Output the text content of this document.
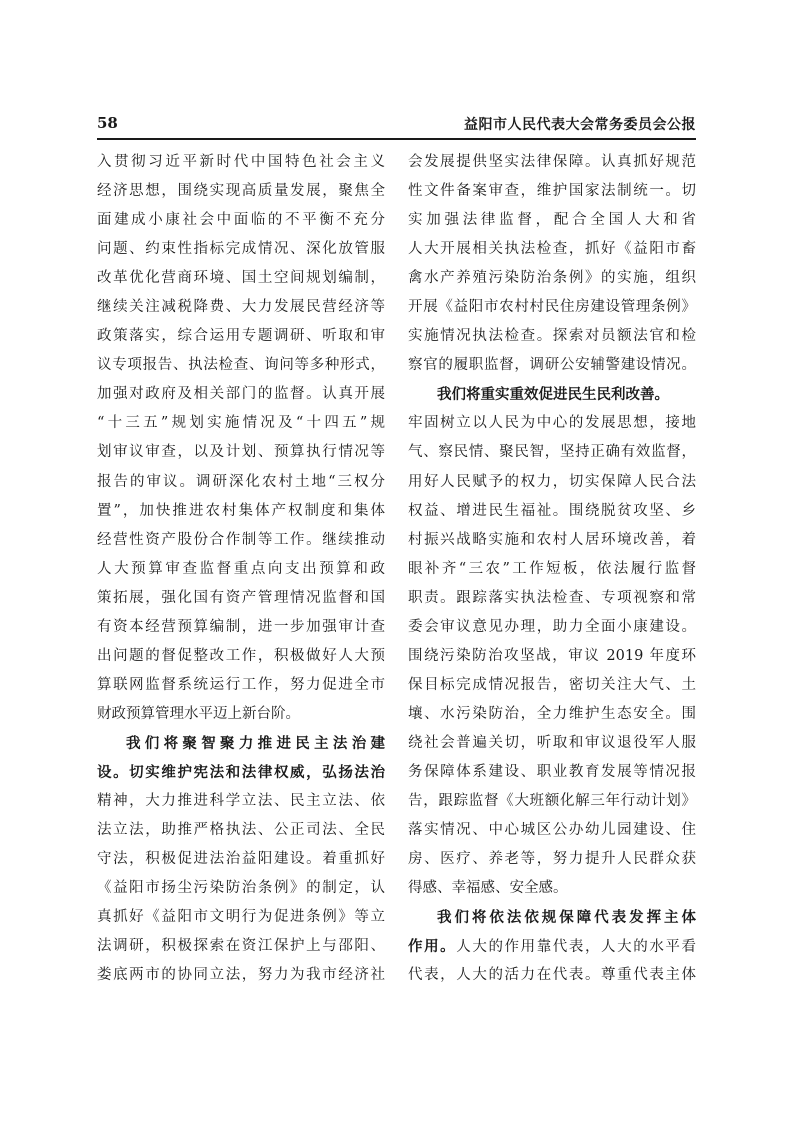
58	益阳市人民代表大会常务委员会公报
入贯彻习近平新时代中国特色社会主义
经济思想，围绕实现高质量发展，聚焦全
面建成小康社会中面临的不平衡不充分
问题、约束性指标完成情况、深化放管服
改革优化营商环境、国土空间规划编制，
继续关注减税降费、大力发展民营经济等
政策落实，综合运用专题调研、听取和审
议专项报告、执法检查、询问等多种形式，
加强对政府及相关部门的监督。认真开展
“十三五”规划实施情况及“十四五”规
划审议审查，以及计划、预算执行情况等
报告的审议。调研深化农村土地“三权分
置”，加快推进农村集体产权制度和集体
经营性资产股份合作制等工作。继续推动
人大预算审查监督重点向支出预算和政
策拓展，强化国有资产管理情况监督和国
有资本经营预算编制，进一步加强审计查
出问题的督促整改工作，积极做好人大预
算联网监督系统运行工作，努力促进全市
财政预算管理水平迈上新台阶。
我们将聚智聚力推进民主法治建
设。切实维护宪法和法律权威，弘扬法治
精神，大力推进科学立法、民主立法、依
法立法，助推严格执法、公正司法、全民
守法，积极促进法治益阳建设。着重抓好
《益阳市扬尘污染防治条例》的制定，认
真抓好《益阳市文明行为促进条例》等立
法调研，积极探索在资江保护上与邵阳、
娄底两市的协同立法，努力为我市经济社
会发展提供坚实法律保障。认真抓好规范
性文件备案审查，维护国家法制统一。切
实加强法律监督，配合全国人大和省
人大开展相关执法检查，抓好《益阳市畜
禽水产养殖污染防治条例》的实施，组织
开展《益阳市农村村民住房建设管理条例》
实施情况执法检查。探索对员额法官和检
察官的履职监督，调研公安辅警建设情况。
我们将重实重效促进民生民利改善。
牢固树立以人民为中心的发展思想，接地
气、察民情、聚民智，坚持正确有效监督，
用好人民赋予的权力，切实保障人民合法
权益、增进民生福祉。围绕脱贫攻坚、乡
村振兴战略实施和农村人居环境改善，着
眼补齐“三农”工作短板，依法履行监督
职责。跟踪落实执法检查、专项视察和常
委会审议意见办理，助力全面小康建设。
围绕污染防治攻坚战，审议 2019 年度环
保目标完成情况报告，密切关注大气、土
壤、水污染防治，全力维护生态安全。围
绕社会普遍关切，听取和审议退役军人服
务保障体系建设、职业教育发展等情况报
告，跟踪监督《大班额化解三年行动计划》
落实情况、中心城区公办幼儿园建设、住
房、医疗、养老等，努力提升人民群众获
得感、幸福感、安全感。
我们将依法依规保障代表发挥主体
作用。人大的作用靠代表，人大的水平看
代表，人大的活力在代表。尊重代表主体
